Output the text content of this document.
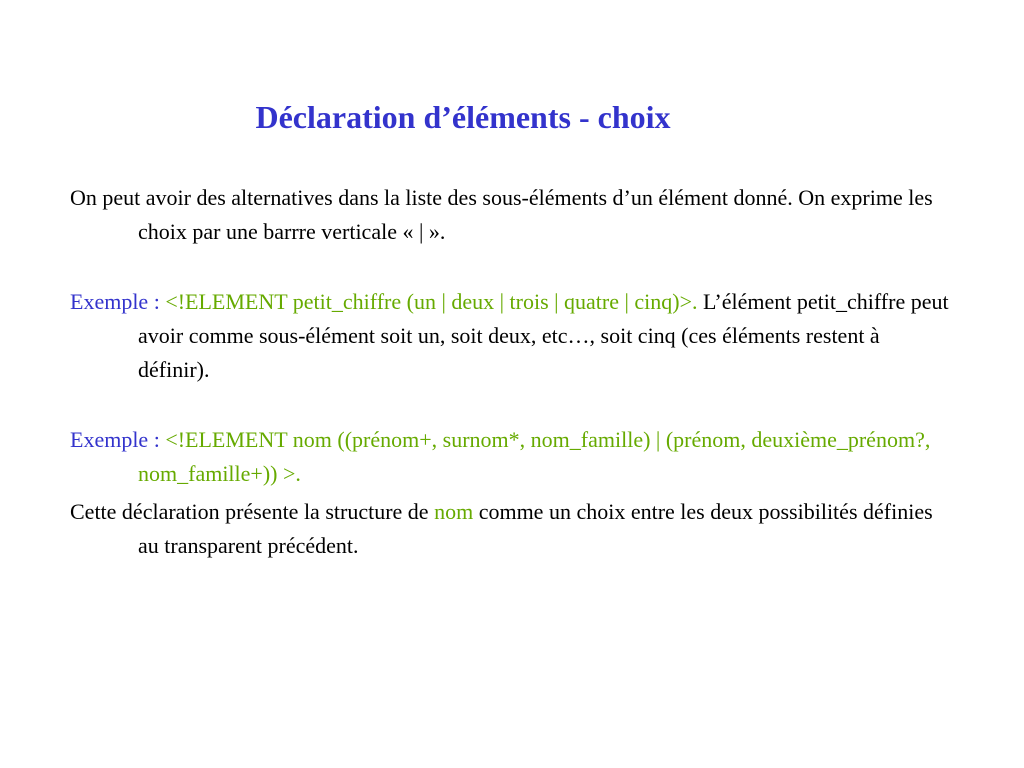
Déclaration d’éléments - choix

On peut avoir des alternatives dans la liste des sous-éléments d’un élément donné. On exprime les choix par une barrre verticale « | ».

Exemple : <!ELEMENT petit_chiffre (un | deux | trois | quatre | cinq)>. L’élément petit_chiffre peut avoir comme sous-élément soit un, soit deux, etc…, soit cinq (ces éléments restent à définir).

Exemple : <!ELEMENT nom ((prénom+, surnom*, nom_famille) | (prénom, deuxième_prénom?, nom_famille+)) >.

Cette déclaration présente la structure de nom comme un choix entre les deux possibilités définies au transparent précédent.
